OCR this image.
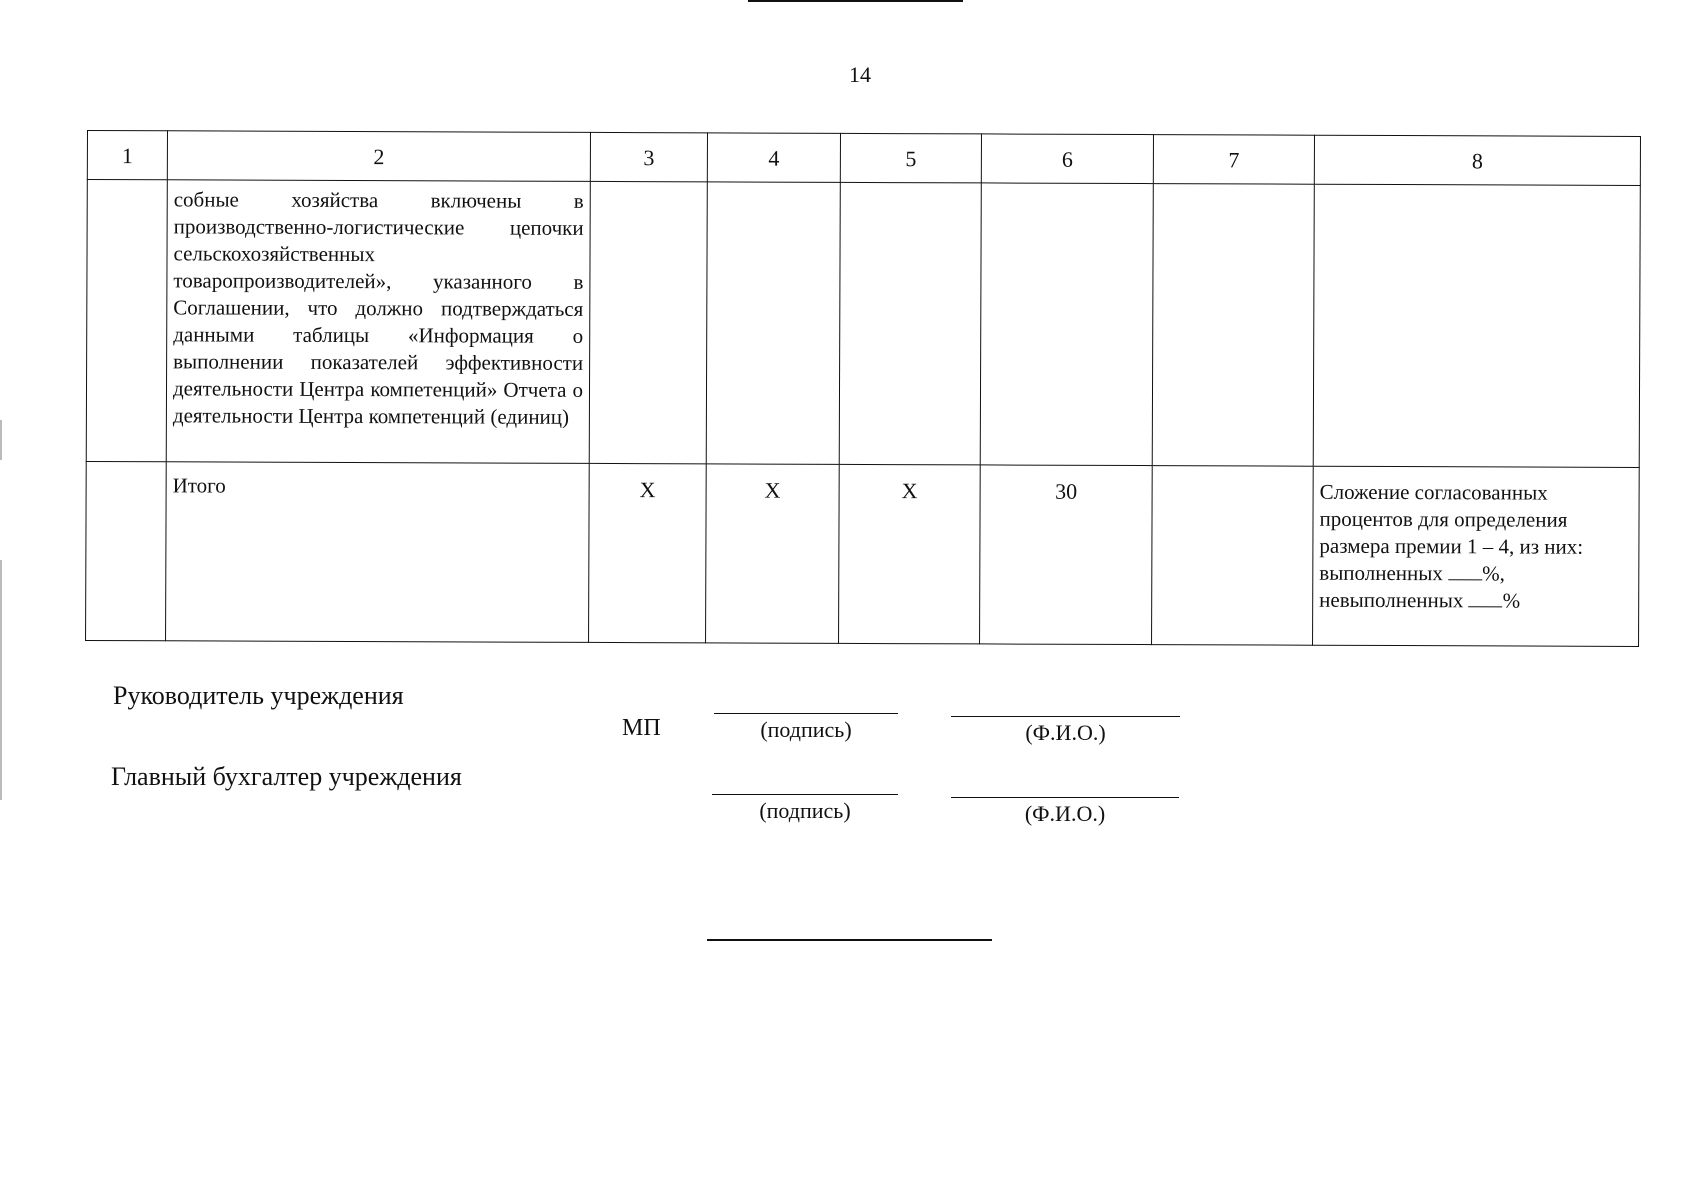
14
1	2	3	4	5	6	7	8
	собные хозяйства включены в производственно-логистические цепочки сельскохозяйственных товаропроизводителей», указанного в Соглашении, что должно подтверждаться данными таблицы «Информация о выполнении показателей эффективности деятельности Центра компетенций» Отчета о деятельности Центра компетенций (единиц)						
	Итого	Х	Х	Х	30		Сложение согласованных процентов для определения размера премии 1 – 4, из них:
выполненных %,
невыполненных %
Руководитель учреждения
МП	(подпись)	(Ф.И.О.)
Главный бухгалтер учреждения
(подпись)	(Ф.И.О.)
